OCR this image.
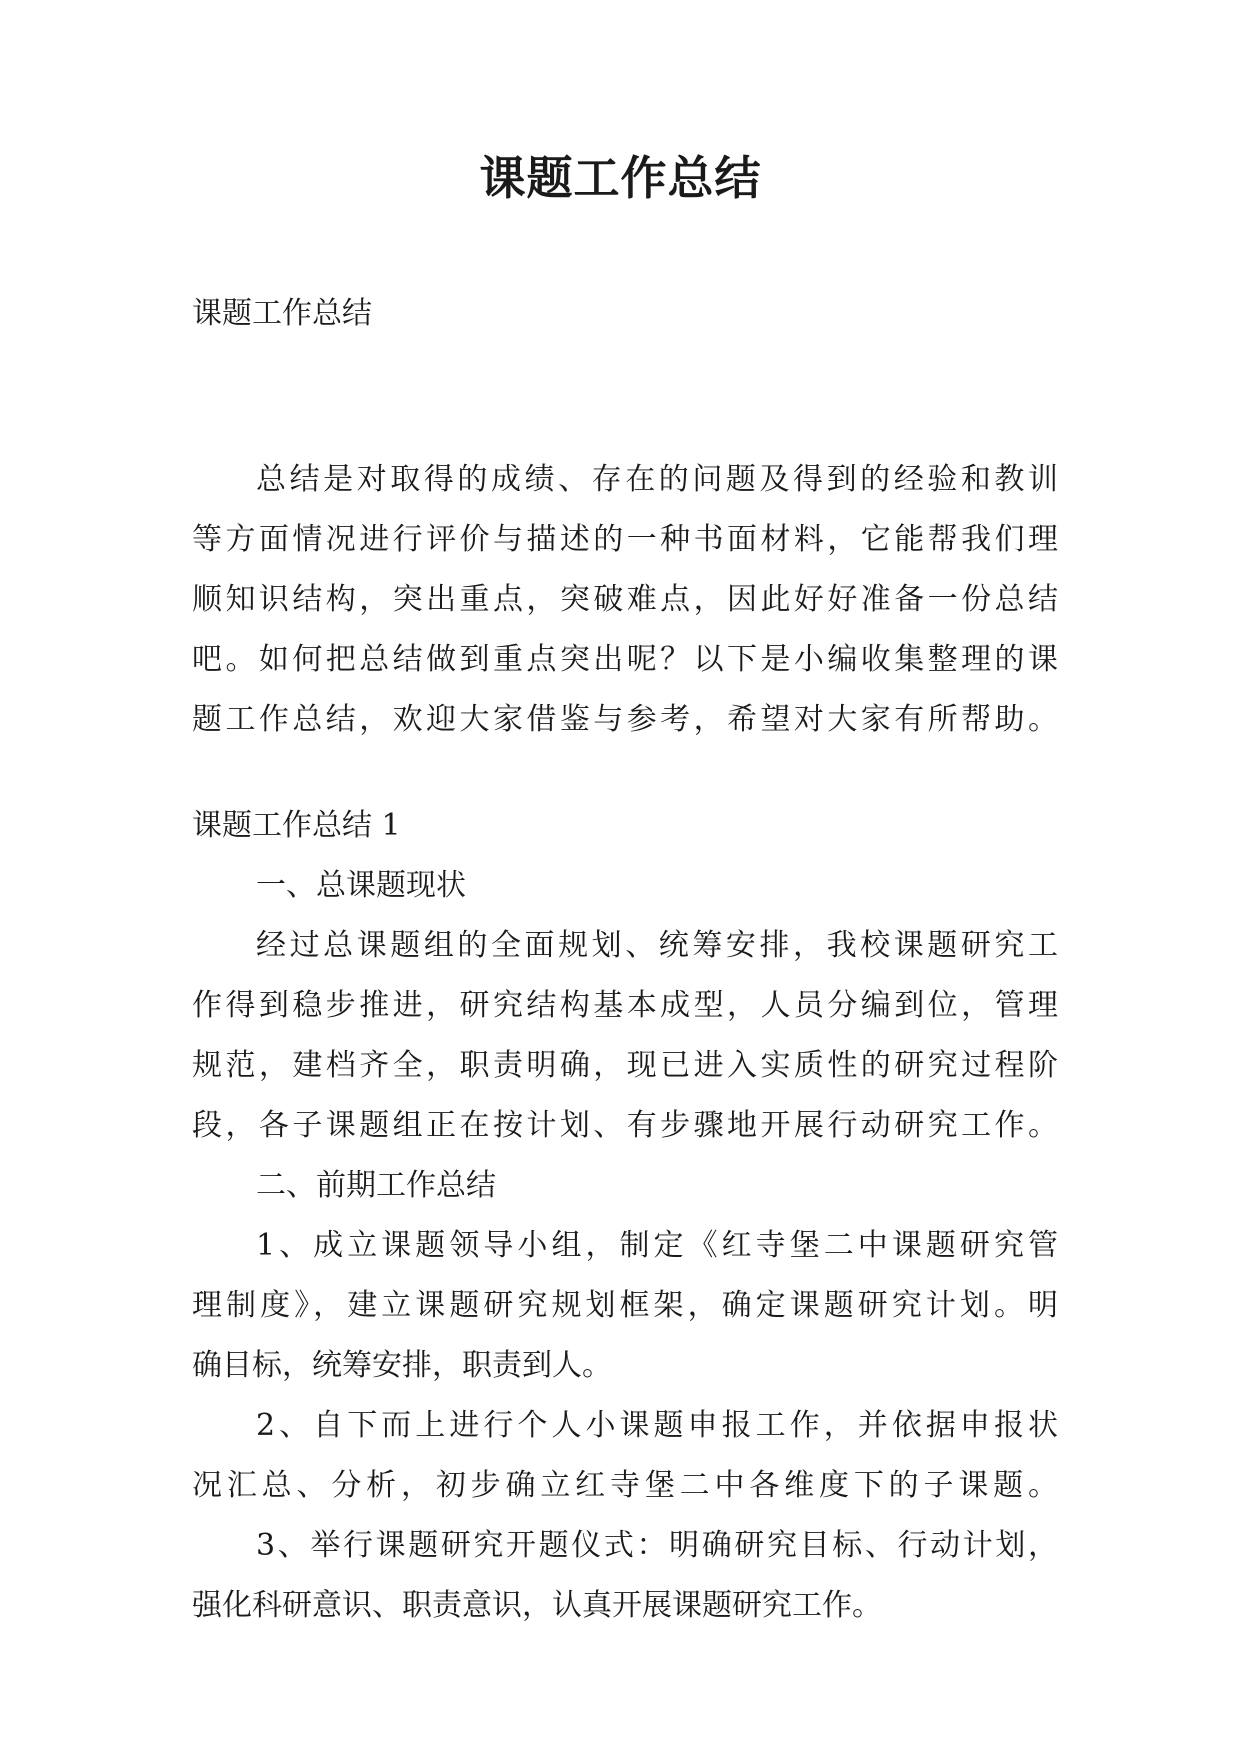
课题工作总结
课题工作总结
总结是对取得的成绩、存在的问题及得到的经验和教训
等方面情况进行评价与描述的一种书面材料，它能帮我们理
顺知识结构，突出重点，突破难点，因此好好准备一份总结
吧。如何把总结做到重点突出呢？以下是小编收集整理的课
题工作总结，欢迎大家借鉴与参考，希望对大家有所帮助。
课题工作总结 1
一、总课题现状
经过总课题组的全面规划、统筹安排，我校课题研究工
作得到稳步推进，研究结构基本成型，人员分编到位，管理
规范，建档齐全，职责明确，现已进入实质性的研究过程阶
段，各子课题组正在按计划、有步骤地开展行动研究工作。
二、前期工作总结
1、成立课题领导小组，制定《红寺堡二中课题研究管
理制度》，建立课题研究规划框架，确定课题研究计划。明
确目标，统筹安排，职责到人。
2、自下而上进行个人小课题申报工作，并依据申报状
况汇总、分析，初步确立红寺堡二中各维度下的子课题。
3、举行课题研究开题仪式：明确研究目标、行动计划，
强化科研意识、职责意识，认真开展课题研究工作。
